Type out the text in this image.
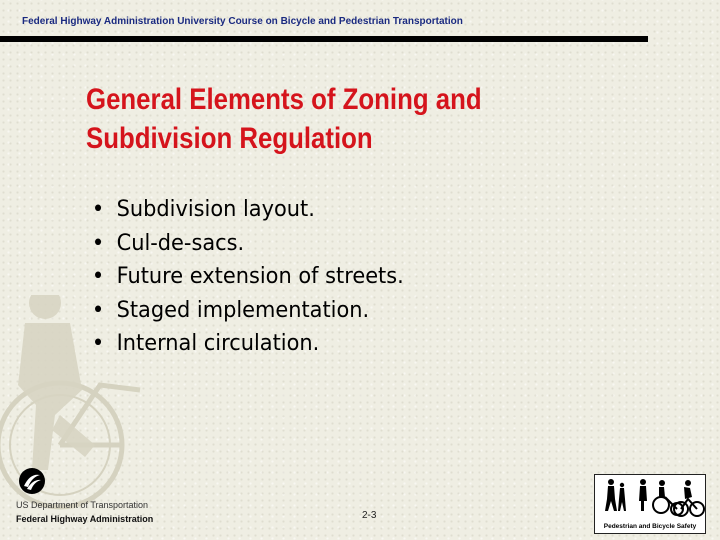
Federal Highway Administration University Course on Bicycle and Pedestrian Transportation
General Elements of Zoning and
Subdivision Regulation
• Subdivision layout.
• Cul-de-sacs.
• Future extension of streets.
• Staged implementation.
• Internal circulation.
US Department of Transportation
Federal Highway Administration	2-3
Pedestrian and Bicycle Safety
